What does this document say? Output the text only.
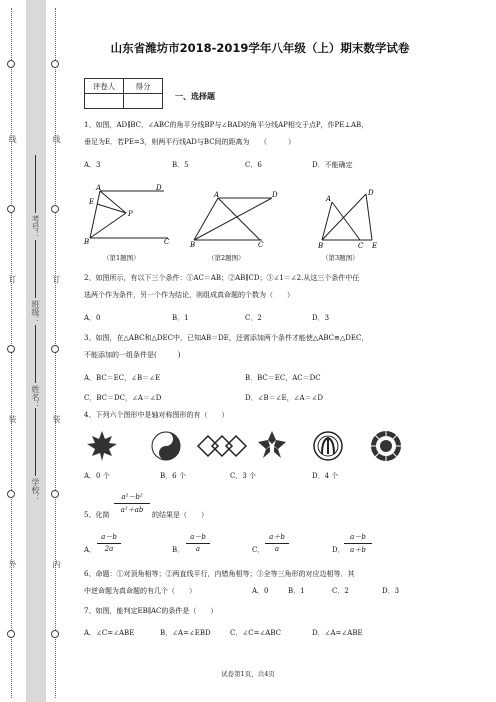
外
装
订
线
内
装
订
线
学校：
姓名：
班级：
考号：
山东省潍坊市2018-2019学年八年级（上）期末数学试卷
评卷人	得分

一、选择题
1、如图，AD∥BC，∠ABC的角平分线BP与∠BAD的角平分线AP相交于点P，作PE⊥AB，
垂足为E．若PE=3，则两平行线AD与BC间的距离为　　（　　　）
A．3	B．5	C．6	D．不能确定
A	D
E
P
B	C
A
B	C
D	A
B	C
D
E
（第1题图）	（第2题图）	（第3题图）
2、如图所示，有以下三个条件：①AC＝AB；②AB∥CD；③∠1＝∠2.从这三个条件中任
选两个作为条件，另一个作为结论，则组成真命题的个数为（　　）
A．0	B．1	C．2	D．3
3、如图，在△ABC和△DEC中，已知AB＝DE，还需添加两个条件才能使△ABC≌△DEC，
不能添加的一组条件是(　　　)
A．BC＝EC，∠B＝∠E	B．BC＝EC，AC＝DC
C．BC＝DC，∠A＝∠D	D．∠B＝∠E，∠A＝∠D
4、下列六个图形中是轴对称图形的有（　　）
A．0 个	B．6 个	C．3 个	D．4 个
5、化简
a²－b²
a²＋ab
的结果是（　　）
A．
a－b
2a	B．
a－b
a	C．
a＋b
a	D．
a－b
a＋b
6、命题：①对顶角相等；②两直线平行，内错角相等；③全等三角形的对应边相等．其
中逆命题为真命题的有几个（　　）	A．0	B．1	C．2	D．3
7、如图，能判定EB∥AC的条件是（　　）
A．∠C=∠ABE	B．∠A=∠EBD	C．∠C=∠ABC	D．∠A=∠ABE
试卷第1页，共4页
